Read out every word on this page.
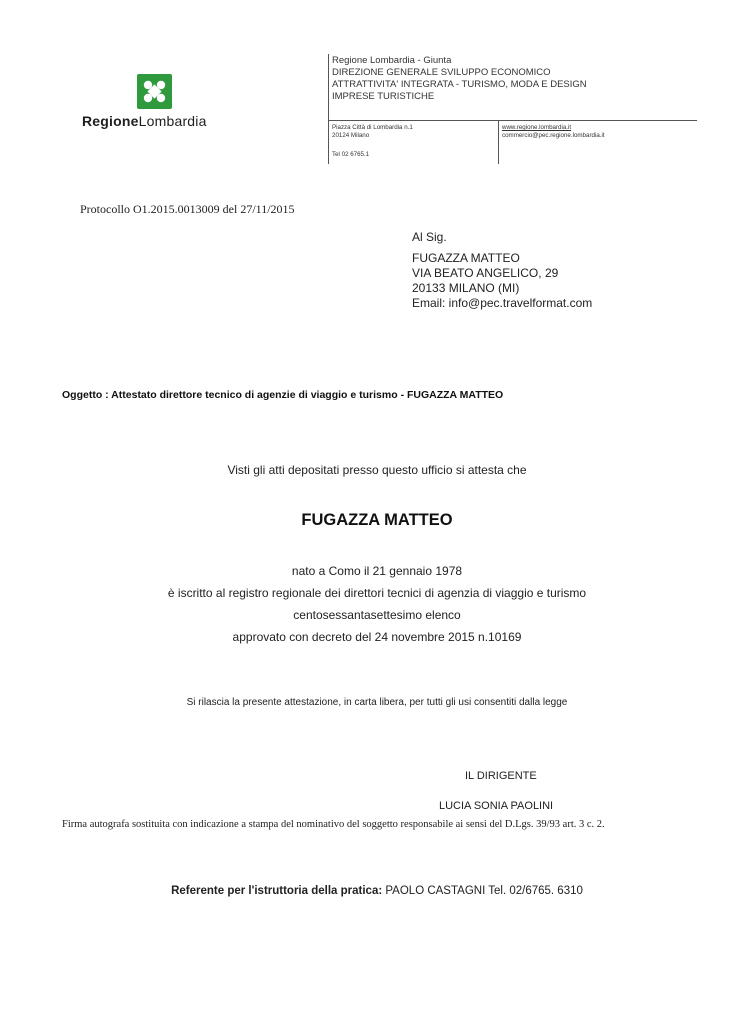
RegioneLombardia
Regione Lombardia - Giunta
DIREZIONE GENERALE SVILUPPO ECONOMICO
ATTRATTIVITA' INTEGRATA - TURISMO, MODA E DESIGN
IMPRESE TURISTICHE
Piazza Città di Lombardia n.1
20124 Milano
Tel 02 6765.1
www.regione.lombardia.it
commercio@pec.regione.lombardia.it
Protocollo O1.2015.0013009 del 27/11/2015
Al Sig.
FUGAZZA MATTEO
VIA BEATO ANGELICO, 29
20133 MILANO (MI)
Email: info@pec.travelformat.com
Oggetto : Attestato direttore tecnico di agenzie di viaggio e turismo - FUGAZZA MATTEO
Visti gli atti depositati presso questo ufficio si attesta che
FUGAZZA MATTEO
nato a Como il 21 gennaio 1978
è iscritto al registro regionale dei direttori tecnici di agenzia di viaggio e turismo
centosessantasettesimo elenco
approvato con decreto del 24 novembre 2015 n.10169
Si rilascia la presente attestazione, in carta libera, per tutti gli usi consentiti dalla legge
IL DIRIGENTE
LUCIA SONIA PAOLINI
Firma autografa sostituita con indicazione a stampa del nominativo del soggetto responsabile ai sensi del D.Lgs. 39/93 art. 3 c. 2.
Referente per l'istruttoria della pratica: PAOLO CASTAGNI Tel. 02/6765. 6310
